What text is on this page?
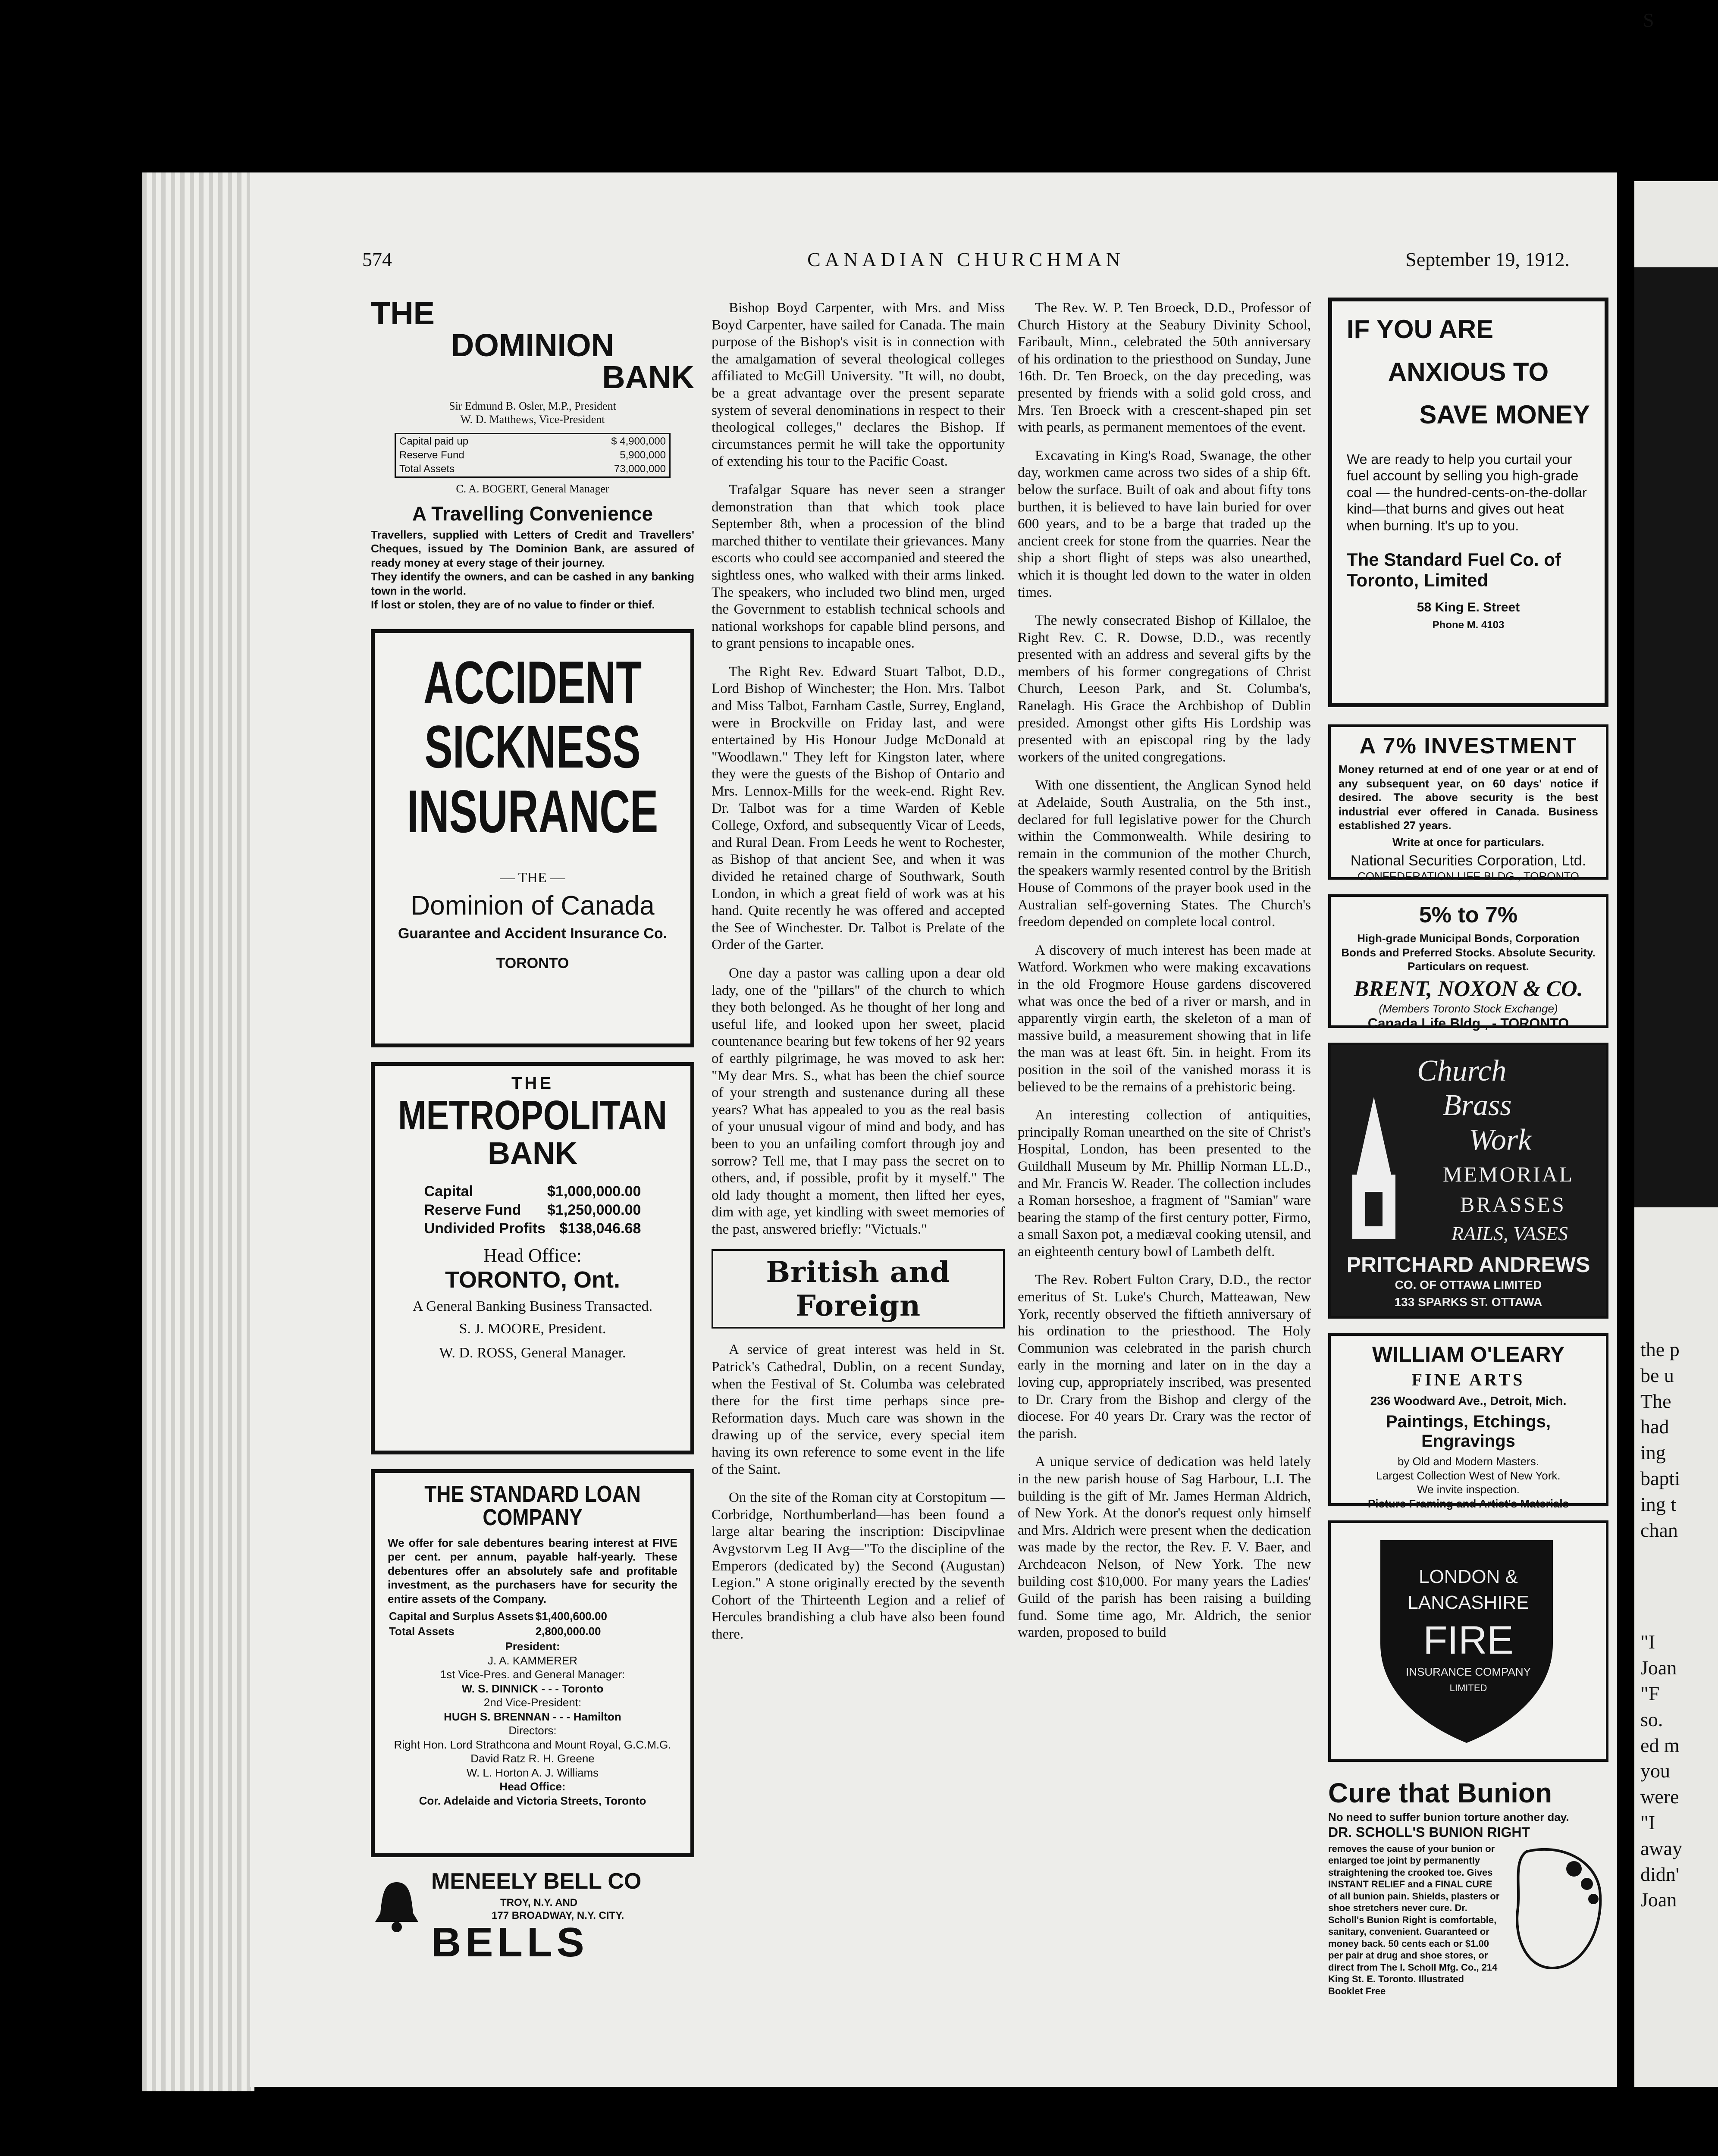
574	CANADIAN CHURCHMAN	September 19, 1912.
THE
DOMINION
BANK
Sir Edmund B. Osler, M.P., President
W. D. Matthews, Vice-President
Capital paid up	$ 4,900,000
Reserve Fund	5,900,000
Total Assets	73,000,000
C. A. BOGERT, General Manager
A Travelling Convenience
Travellers, supplied with Letters of Credit and Travellers' Cheques, issued by The Dominion Bank, are assured of ready money at every stage of their journey.
They identify the owners, and can be cashed in any banking town in the world.
If lost or stolen, they are of no value to finder or thief.
ACCIDENT
SICKNESS
INSURANCE
— THE —
Dominion of Canada
Guarantee and Accident Insurance Co.
TORONTO
THE
METROPOLITAN
BANK
Capital	$1,000,000.00
Reserve Fund	$1,250,000.00
Undivided Profits	$138,046.68
Head Office:
TORONTO, Ont.
A General Banking Business Transacted.
S. J. MOORE, President.
W. D. ROSS, General Manager.
THE STANDARD LOAN COMPANY
We offer for sale debentures bearing interest at FIVE per cent. per annum, payable half-yearly. These debentures offer an absolutely safe and profitable investment, as the purchasers have for security the entire assets of the Company.
Capital and Surplus Assets	$1,400,600.00
Total Assets	2,800,000.00
President:
J. A. KAMMERER
1st Vice-Pres. and General Manager:
W. S. DINNICK - - - Toronto
2nd Vice-President:
HUGH S. BRENNAN - - - Hamilton
Directors:
Right Hon. Lord Strathcona and Mount Royal, G.C.M.G.
David Ratz R. H. Greene
W. L. Horton A. J. Williams
Head Office:
Cor. Adelaide and Victoria Streets, Toronto
MENEELY BELL CO
TROY, N.Y. AND
177 BROADWAY, N.Y. CITY.
BELLS

Bishop Boyd Carpenter, with Mrs. and Miss Boyd Carpenter, have sailed for Canada. The main purpose of the Bishop's visit is in connection with the amalgamation of several theological colleges affiliated to McGill University. "It will, no doubt, be a great advantage over the present separate system of several denominations in respect to their theological colleges," declares the Bishop. If circumstances permit he will take the opportunity of extending his tour to the Pacific Coast.

Trafalgar Square has never seen a stranger demonstration than that which took place September 8th, when a procession of the blind marched thither to ventilate their grievances. Many escorts who could see accompanied and steered the sightless ones, who walked with their arms linked. The speakers, who included two blind men, urged the Government to establish technical schools and national workshops for capable blind persons, and to grant pensions to incapable ones.

The Right Rev. Edward Stuart Talbot, D.D., Lord Bishop of Winchester; the Hon. Mrs. Talbot and Miss Talbot, Farnham Castle, Surrey, England, were in Brockville on Friday last, and were entertained by His Honour Judge McDonald at "Woodlawn." They left for Kingston later, where they were the guests of the Bishop of Ontario and Mrs. Lennox-Mills for the week-end. Right Rev. Dr. Talbot was for a time Warden of Keble College, Oxford, and subsequently Vicar of Leeds, and Rural Dean. From Leeds he went to Rochester, as Bishop of that ancient See, and when it was divided he retained charge of Southwark, South London, in which a great field of work was at his hand. Quite recently he was offered and accepted the See of Winchester. Dr. Talbot is Prelate of the Order of the Garter.

One day a pastor was calling upon a dear old lady, one of the "pillars" of the church to which they both belonged. As he thought of her long and useful life, and looked upon her sweet, placid countenance bearing but few tokens of her 92 years of earthly pilgrimage, he was moved to ask her: "My dear Mrs. S., what has been the chief source of your strength and sustenance during all these years? What has appealed to you as the real basis of your unusual vigour of mind and body, and has been to you an unfailing comfort through joy and sorrow? Tell me, that I may pass the secret on to others, and, if possible, profit by it myself." The old lady thought a moment, then lifted her eyes, dim with age, yet kindling with sweet memories of the past, answered briefly: "Victuals."

British and Foreign

A service of great interest was held in St. Patrick's Cathedral, Dublin, on a recent Sunday, when the Festival of St. Columba was celebrated there for the first time perhaps since pre-Reformation days. Much care was shown in the drawing up of the service, every special item having its own reference to some event in the life of the Saint.

On the site of the Roman city at Corstopitum — Corbridge, Northumberland—has been found a large altar bearing the inscription: Discipvlinae Avgvstorvm Leg II Avg—"To the discipline of the Emperors (dedicated by) the Second (Augustan) Legion." A stone originally erected by the seventh Cohort of the Thirteenth Legion and a relief of Hercules brandishing a club have also been found there.

The Rev. W. P. Ten Broeck, D.D., Professor of Church History at the Seabury Divinity School, Faribault, Minn., celebrated the 50th anniversary of his ordination to the priesthood on Sunday, June 16th. Dr. Ten Broeck, on the day preceding, was presented by friends with a solid gold cross, and Mrs. Ten Broeck with a crescent-shaped pin set with pearls, as permanent mementoes of the event.

Excavating in King's Road, Swanage, the other day, workmen came across two sides of a ship 6ft. below the surface. Built of oak and about fifty tons burthen, it is believed to have lain buried for over 600 years, and to be a barge that traded up the ancient creek for stone from the quarries. Near the ship a short flight of steps was also unearthed, which it is thought led down to the water in olden times.

The newly consecrated Bishop of Killaloe, the Right Rev. C. R. Dowse, D.D., was recently presented with an address and several gifts by the members of his former congregations of Christ Church, Leeson Park, and St. Columba's, Ranelagh. His Grace the Archbishop of Dublin presided. Amongst other gifts His Lordship was presented with an episcopal ring by the lady workers of the united congregations.

With one dissentient, the Anglican Synod held at Adelaide, South Australia, on the 5th inst., declared for full legislative power for the Church within the Commonwealth. While desiring to remain in the communion of the mother Church, the speakers warmly resented control by the British House of Commons of the prayer book used in the Australian self-governing States. The Church's freedom depended on complete local control.

A discovery of much interest has been made at Watford. Workmen who were making excavations in the old Frogmore House gardens discovered what was once the bed of a river or marsh, and in apparently virgin earth, the skeleton of a man of massive build, a measurement showing that in life the man was at least 6ft. 5in. in height. From its position in the soil of the vanished morass it is believed to be the remains of a prehistoric being.

An interesting collection of antiquities, principally Roman unearthed on the site of Christ's Hospital, London, has been presented to the Guildhall Museum by Mr. Phillip Norman LL.D., and Mr. Francis W. Reader. The collection includes a Roman horseshoe, a fragment of "Samian" ware bearing the stamp of the first century potter, Firmo, a small Saxon pot, a mediæval cooking utensil, and an eighteenth century bowl of Lambeth delft.

The Rev. Robert Fulton Crary, D.D., the rector emeritus of St. Luke's Church, Matteawan, New York, recently observed the fiftieth anniversary of his ordination to the priesthood. The Holy Communion was celebrated in the parish church early in the morning and later on in the day a loving cup, appropriately inscribed, was presented to Dr. Crary from the Bishop and clergy of the diocese. For 40 years Dr. Crary was the rector of the parish.

A unique service of dedication was held lately in the new parish house of Sag Harbour, L.I. The building is the gift of Mr. James Herman Aldrich, of New York. At the donor's request only himself and Mrs. Aldrich were present when the dedication was made by the rector, the Rev. F. V. Baer, and Archdeacon Nelson, of New York. The new building cost $10,000. For many years the Ladies' Guild of the parish has been raising a building fund. Some time ago, Mr. Aldrich, the senior warden, proposed to build

IF YOU ARE
ANXIOUS TO
SAVE MONEY
We are ready to help you curtail your fuel account by selling you high-grade coal — the hundred-cents-on-the-dollar kind—that burns and gives out heat when burning. It's up to you.
The Standard Fuel Co. of Toronto, Limited
58 King E. Street
Phone M. 4103
A 7% INVESTMENT
Money returned at end of one year or at end of any subsequent year, on 60 days' notice if desired. The above security is the best industrial ever offered in Canada. Business established 27 years.
Write at once for particulars.
National Securities Corporation, Ltd.
CONFEDERATION LIFE BLDG., TORONTO
5% to 7%
High-grade Municipal Bonds, Corporation Bonds and Preferred Stocks. Absolute Security. Particulars on request.
BRENT, NOXON & CO.
(Members Toronto Stock Exchange)
Canada Life Bldg., - TORONTO
Church
Brass
Work
MEMORIAL
BRASSES
RAILS, VASES
PRITCHARD ANDREWS
CO. OF OTTAWA LIMITED
133 SPARKS ST. OTTAWA
WILLIAM O'LEARY
FINE ARTS
236 Woodward Ave., Detroit, Mich.
Paintings, Etchings, Engravings
by Old and Modern Masters.
Largest Collection West of New York.
We invite inspection.
Picture Framing and Artist's Materials
LONDON &
LANCASHIRE
FIRE
INSURANCE COMPANY
LIMITED
Cure that Bunion
No need to suffer bunion torture another day.
DR. SCHOLL'S BUNION RIGHT
removes the cause of your bunion or enlarged toe joint by permanently straightening the crooked toe. Gives INSTANT RELIEF and a FINAL CURE of all bunion pain. Shields, plasters or shoe stretchers never cure. Dr. Scholl's Bunion Right is comfortable, sanitary, convenient. Guaranteed or money back. 50 cents each or $1.00 per pair at drug and shoe stores, or direct from The I. Scholl Mfg. Co., 214 King St. E. Toronto. Illustrated Booklet Free
the p
be u
The
had
ing
bapti
ing t
chan
"I
Joan
"F
so.
ed m
you
were
"I
away
didn'
Joan
S
